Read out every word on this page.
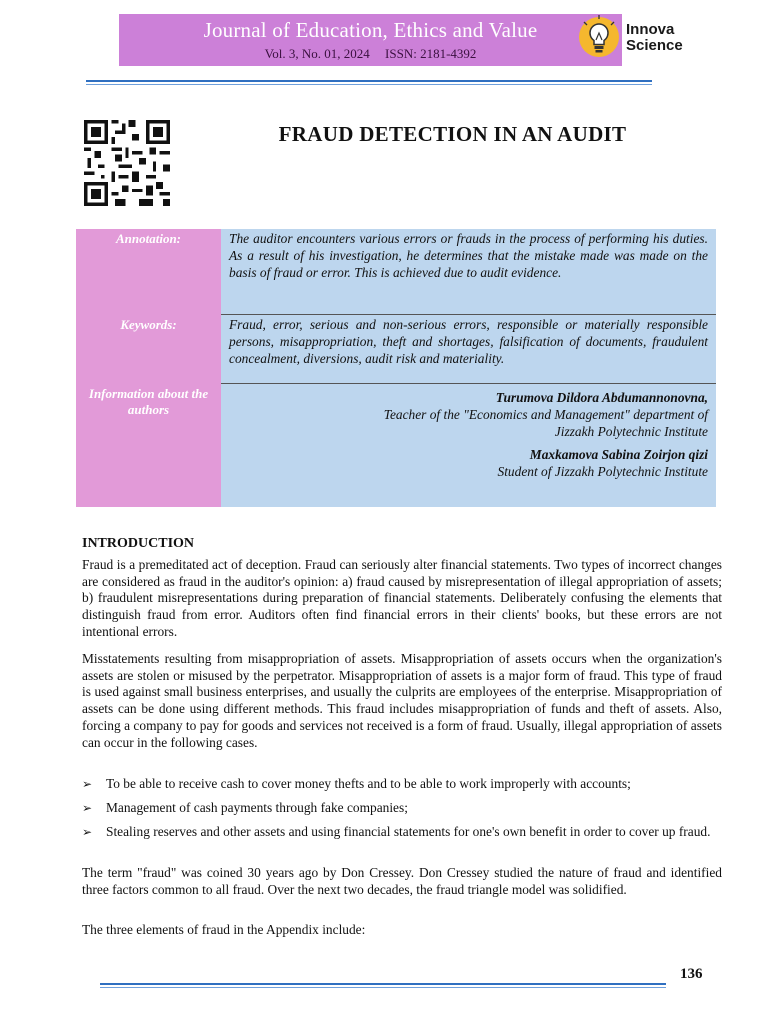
Journal of Education, Ethics and Value
Vol. 3, No. 01, 2024 ISSN: 2181-4392
Innova
Science
FRAUD DETECTION IN AN AUDIT
Annotation:	The auditor encounters various errors or frauds in the process of performing his duties. As a result of his investigation, he determines that the mistake made was made on the basis of fraud or error. This is achieved due to audit evidence.
Keywords:	Fraud, error, serious and non-serious errors, responsible or materially responsible persons, misappropriation, theft and shortages, falsification of documents, fraudulent concealment, diversions, audit risk and materiality.
Information about the authors
Turumova Dildora Abdumannonovna,
Teacher of the "Economics and Management" department of Jizzakh Polytechnic Institute
Maxkamova Sabina Zoirjon qizi
Student of Jizzakh Polytechnic Institute
INTRODUCTION
Fraud is a premeditated act of deception. Fraud can seriously alter financial statements. Two types of incorrect changes are considered as fraud in the auditor's opinion: a) fraud caused by misrepresentation of illegal appropriation of assets; b) fraudulent misrepresentations during preparation of financial statements. Deliberately confusing the elements that distinguish fraud from error. Auditors often find financial errors in their clients' books, but these errors are not intentional errors.
Misstatements resulting from misappropriation of assets. Misappropriation of assets occurs when the organization's assets are stolen or misused by the perpetrator. Misappropriation of assets is a major form of fraud. This type of fraud is used against small business enterprises, and usually the culprits are employees of the enterprise. Misappropriation of assets can be done using different methods. This fraud includes misappropriation of funds and theft of assets. Also, forcing a company to pay for goods and services not received is a form of fraud. Usually, illegal appropriation of assets can occur in the following cases.
➢ To be able to receive cash to cover money thefts and to be able to work improperly with accounts;
➢ Management of cash payments through fake companies;
➢ Stealing reserves and other assets and using financial statements for one's own benefit in order to cover up fraud.
The term "fraud" was coined 30 years ago by Don Cressey. Don Cressey studied the nature of fraud and identified three factors common to all fraud. Over the next two decades, the fraud triangle model was solidified.
The three elements of fraud in the Appendix include:
136
